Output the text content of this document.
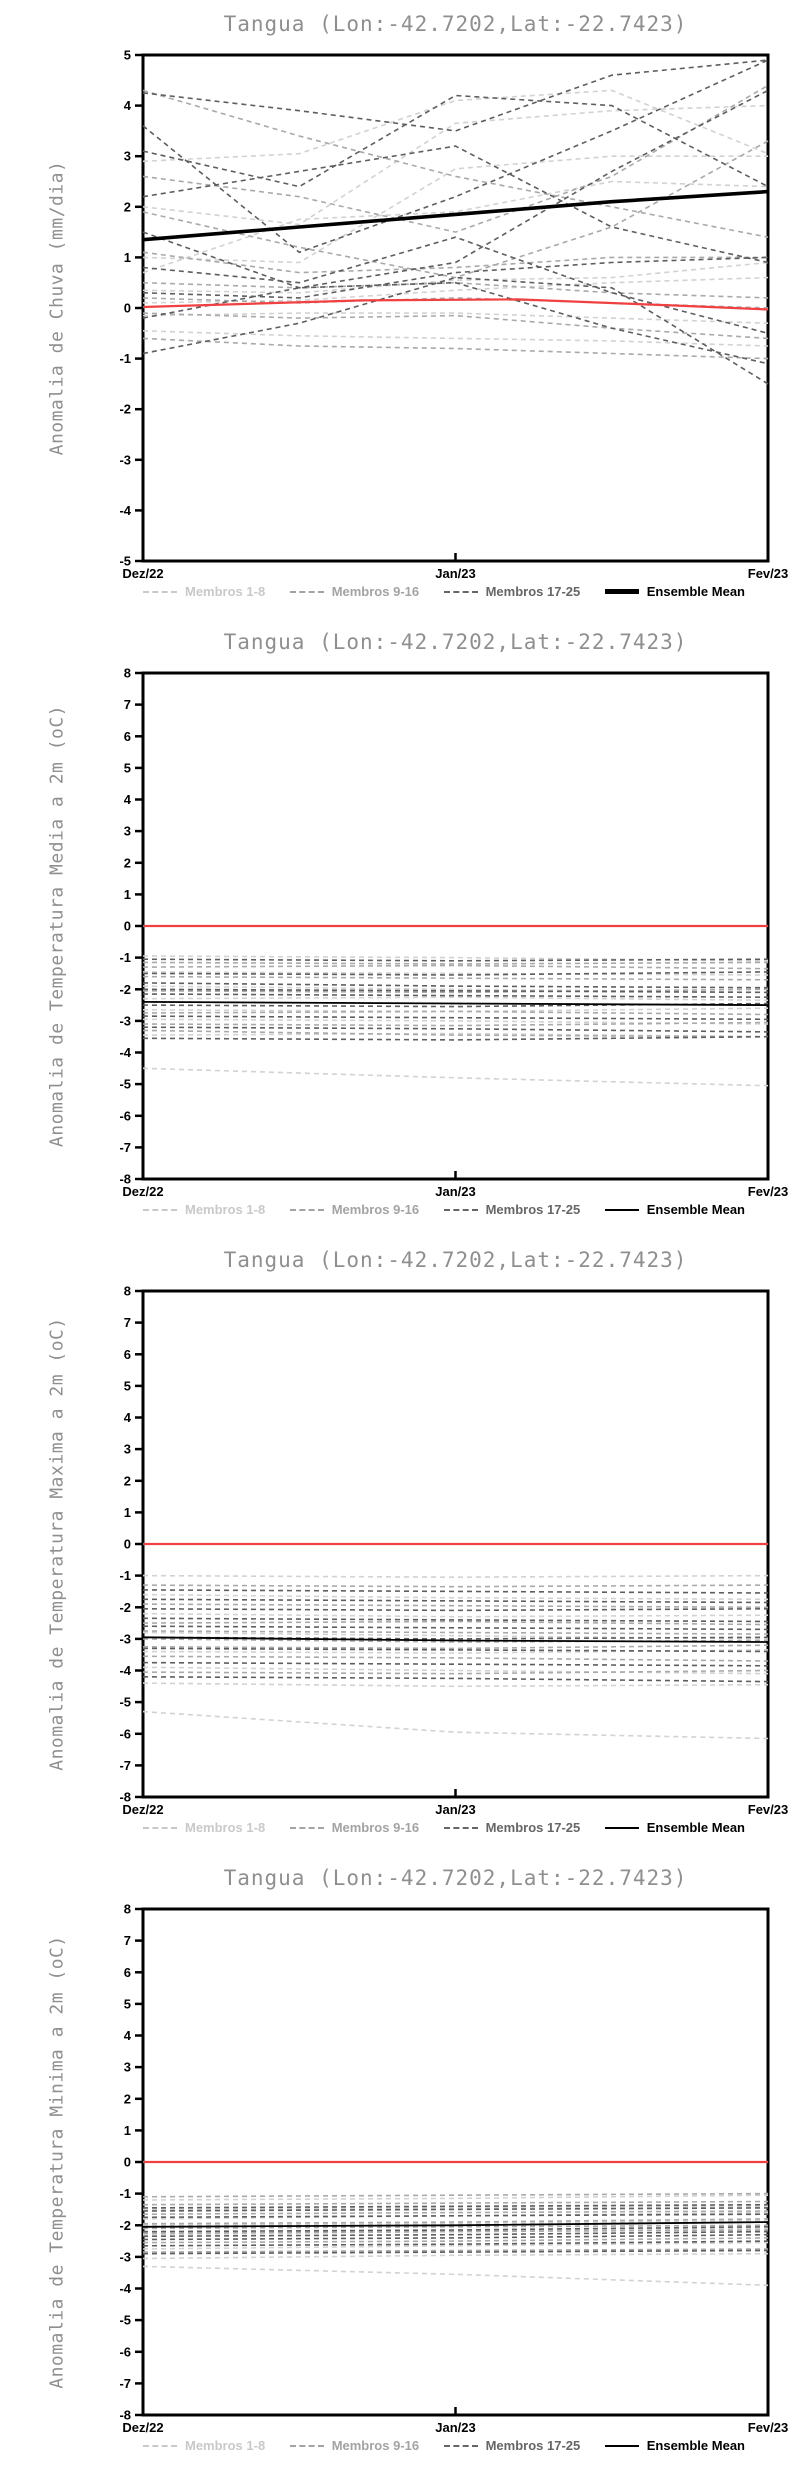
Tangua (Lon:-42.7202,Lat:-22.7423)
Anomalia de Chuva (mm/dia)
5
4
3
2
1
0
-1
-2
-3
-4
-5
Dez/22	Jan/23	Fev/23
Membros 1-8	Membros 9-16	Membros 17-25	Ensemble Mean
Tangua (Lon:-42.7202,Lat:-22.7423)
Anomalia de Temperatura Media a 2m (oC)
8
7
6
5
4
3
2
1
0
-1
-2
-3
-4
-5
-6
-7
-8
Dez/22	Jan/23	Fev/23
Membros 1-8	Membros 9-16	Membros 17-25	Ensemble Mean
Tangua (Lon:-42.7202,Lat:-22.7423)
Anomalia de Temperatura Maxima a 2m (oC)
8
7
6
5
4
3
2
1
0
-1
-2
-3
-4
-5
-6
-7
-8
Dez/22	Jan/23	Fev/23
Membros 1-8	Membros 9-16	Membros 17-25	Ensemble Mean
Tangua (Lon:-42.7202,Lat:-22.7423)
Anomalia de Temperatura Minima a 2m (oC)
8
7
6
5
4
3
2
1
0
-1
-2
-3
-4
-5
-6
-7
-8
Dez/22	Jan/23	Fev/23
Membros 1-8	Membros 9-16	Membros 17-25	Ensemble Mean
